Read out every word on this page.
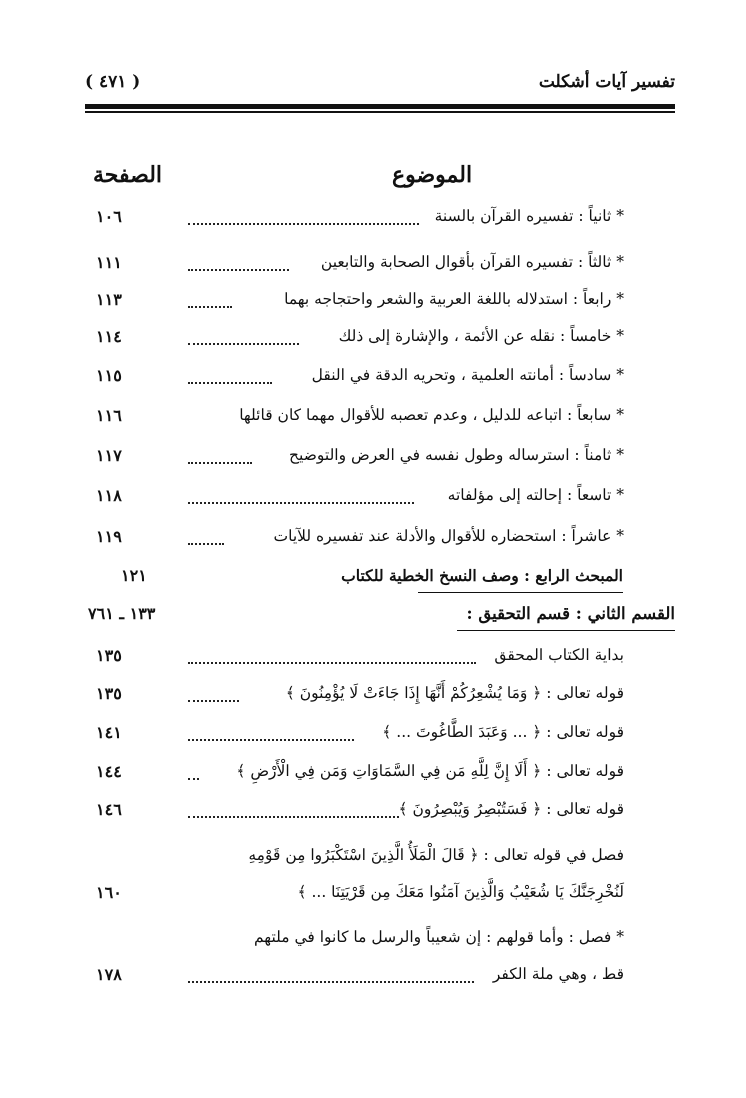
تفسير آيات أشكلت
( ٤٧١ )
الموضوع
الصفحة
* ثانياً : تفسيره القرآن بالسنة
١٠٦
* ثالثاً : تفسيره القرآن بأقوال الصحابة والتابعين
١١١
* رابعاً : استدلاله باللغة العربية والشعر واحتجاجه بهما
١١٣
* خامساً : نقله عن الأئمة ، والإشارة إلى ذلك
١١٤
* سادساً : أمانته العلمية ، وتحريه الدقة في النقل
١١٥
* سابعاً : اتباعه للدليل ، وعدم تعصبه للأقوال مهما كان قائلها
١١٦
* ثامناً : استرساله وطول نفسه في العرض والتوضيح
١١٧
* تاسعاً : إحالته إلى مؤلفاته
١١٨
* عاشراً : استحضاره للأقوال والأدلة عند تفسيره للآيات
١١٩
المبحث الرابع : وصف النسخ الخطية للكتاب
١٢١
القسم الثاني : قسم التحقيق :
١٣٣ ـ ٧٦١
بداية الكتاب المحقق
١٣٥
قوله تعالى : ﴿ وَمَا يُشْعِرُكُمْ أَنَّهَا إِذَا جَاءَتْ لَا يُؤْمِنُونَ ﴾
١٣٥
قوله تعالى : ﴿ ... وَعَبَدَ الطَّاغُوتَ ... ﴾
١٤١
قوله تعالى : ﴿ أَلَا إِنَّ لِلَّهِ مَن فِي السَّمَاوَاتِ وَمَن فِي الْأَرْضِ ﴾
١٤٤
قوله تعالى : ﴿ فَسَتُبْصِرُ وَيُبْصِرُونَ ﴾
١٤٦
فصل في قوله تعالى : ﴿ قَالَ الْمَلَأُ الَّذِينَ اسْتَكْبَرُوا مِن قَوْمِهِ
لَنُخْرِجَنَّكَ يَا شُعَيْبُ وَالَّذِينَ آمَنُوا مَعَكَ مِن قَرْيَتِنَا ... ﴾
١٦٠
* فصل : وأما قولهم : إن شعيباً والرسل ما كانوا في ملتهم
قط ، وهي ملة الكفر
١٧٨
